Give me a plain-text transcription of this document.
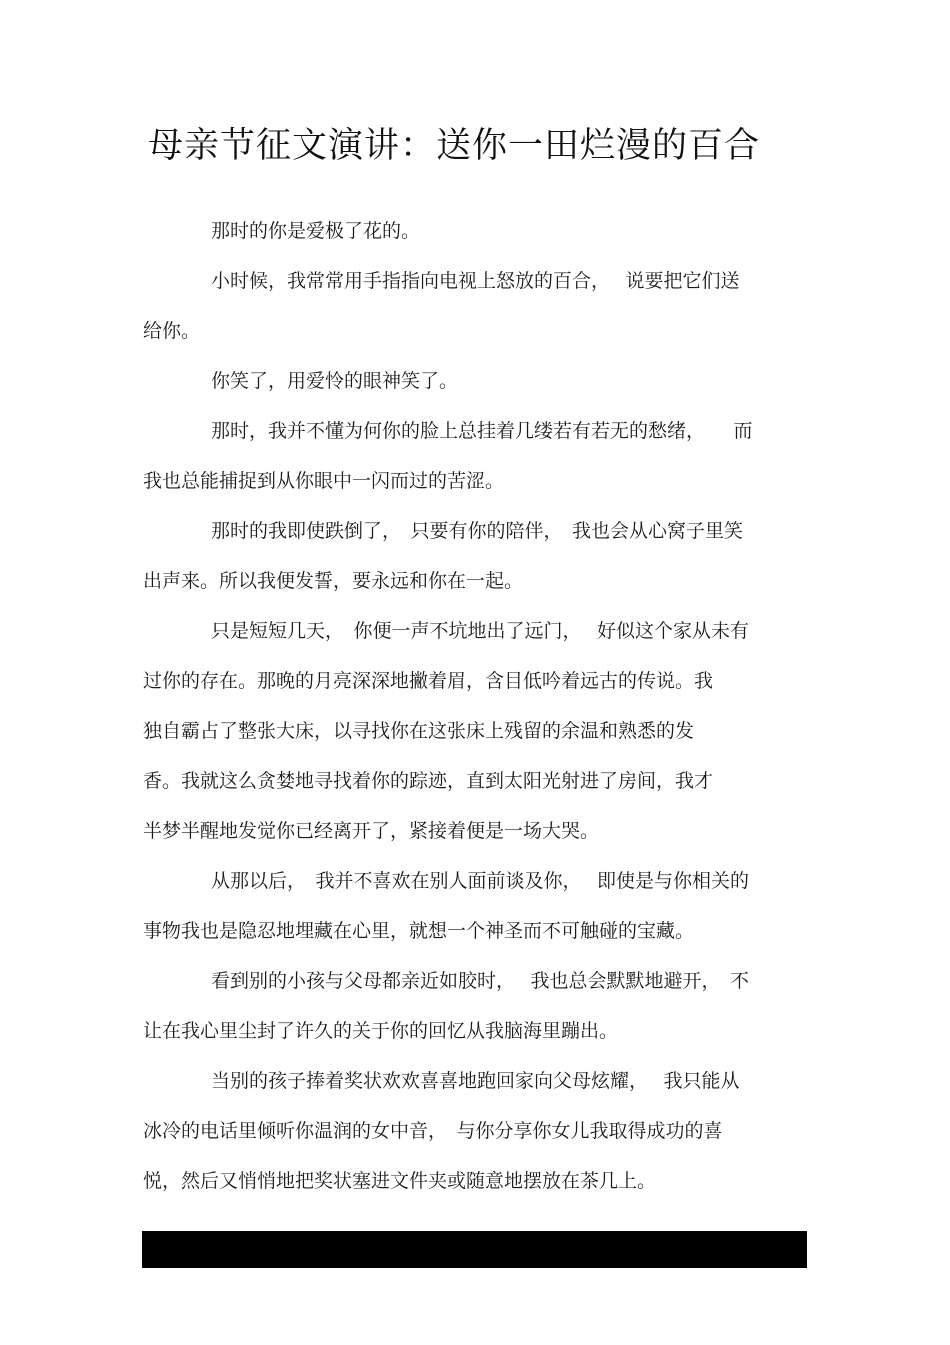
母亲节征文演讲：送你一田烂漫的百合

那时的你是爱极了花的。

小时候，我常常用手指指向电视上怒放的百合，　 说要把它们送

给你。

你笑了，用爱怜的眼神笑了。

那时，我并不懂为何你的脸上总挂着几缕若有若无的愁绪，　　而

我也总能捕捉到从你眼中一闪而过的苦涩。

那时的我即使跌倒了，　只要有你的陪伴，　我也会从心窝子里笑

出声来。所以我便发誓，要永远和你在一起。

只是短短几天，　你便一声不坑地出了远门，　 好似这个家从未有

过你的存在。那晚的月亮深深地撇着眉，含目低吟着远古的传说。我

独自霸占了整张大床，以寻找你在这张床上残留的余温和熟悉的发

香。我就这么贪婪地寻找着你的踪迹，直到太阳光射进了房间，我才

半梦半醒地发觉你已经离开了，紧接着便是一场大哭。

从那以后，　我并不喜欢在别人面前谈及你，　 即使是与你相关的

事物我也是隐忍地埋藏在心里，就想一个神圣而不可触碰的宝藏。

看到别的小孩与父母都亲近如胶时，　 我也总会默默地避开，　不

让在我心里尘封了许久的关于你的回忆从我脑海里蹦出。

当别的孩子捧着奖状欢欢喜喜地跑回家向父母炫耀，　 我只能从

冰冷的电话里倾听你温润的女中音，　与你分享你女儿我取得成功的喜

悦，然后又悄悄地把奖状塞进文件夹或随意地摆放在茶几上。
